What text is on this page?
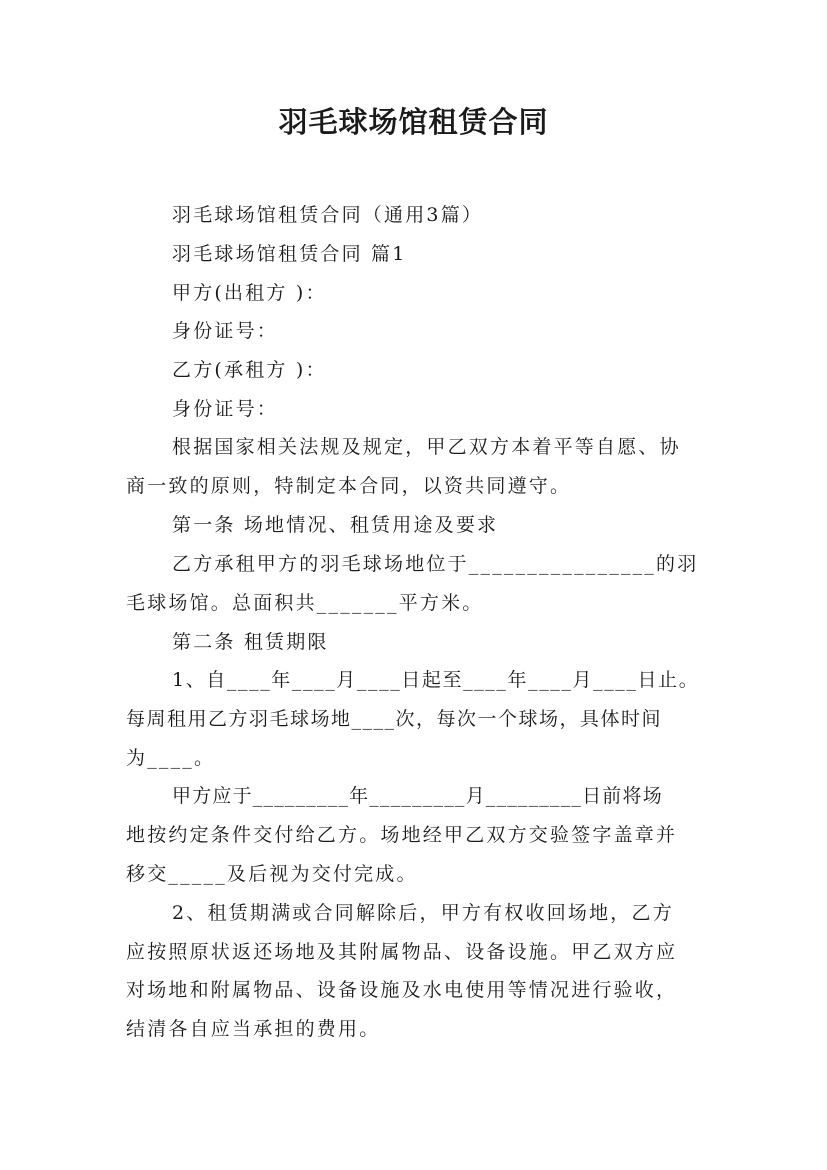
羽毛球场馆租赁合同
羽毛球场馆租赁合同（通用3篇）
羽毛球场馆租赁合同 篇1
甲方(出租方 )：
身份证号：
乙方(承租方 )：
身份证号：
根据国家相关法规及规定，甲乙双方本着平等自愿、协
商一致的原则，特制定本合同，以资共同遵守。
第一条 场地情况、租赁用途及要求
乙方承租甲方的羽毛球场地位于________________的羽
毛球场馆。总面积共_______平方米。
第二条 租赁期限
1、自____年____月____日起至____年____月____日止。
每周租用乙方羽毛球场地____次，每次一个球场，具体时间
为____。
甲方应于_________年_________月_________日前将场
地按约定条件交付给乙方。场地经甲乙双方交验签字盖章并
移交_____及后视为交付完成。
2、租赁期满或合同解除后，甲方有权收回场地，乙方
应按照原状返还场地及其附属物品、设备设施。甲乙双方应
对场地和附属物品、设备设施及水电使用等情况进行验收，
结清各自应当承担的费用。
